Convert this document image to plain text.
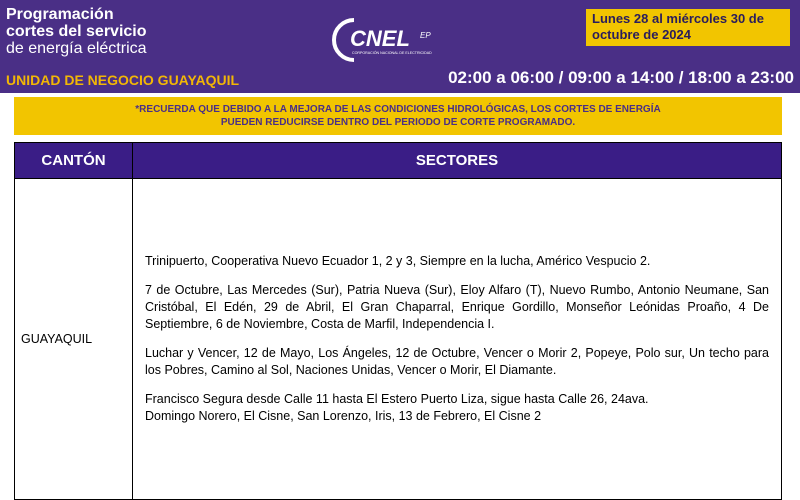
Programación
cortes del servicio
de energía eléctrica
UNIDAD DE NEGOCIO GUAYAQUIL
CNEL EP
CORPORACIÓN NACIONAL DE ELECTRICIDAD
Lunes 28 al miércoles 30 de octubre de 2024
02:00 a 06:00 / 09:00 a 14:00 / 18:00 a 23:00
*RECUERDA QUE DEBIDO A LA MEJORA DE LAS CONDICIONES HIDROLÓGICAS, LOS CORTES DE ENERGÍA
PUEDEN REDUCIRSE DENTRO DEL PERIODO DE CORTE PROGRAMADO.
CANTÓN	SECTORES
GUAYAQUIL	Trinipuerto, Cooperativa Nuevo Ecuador 1, 2 y 3, Siempre en la lucha, Américo Vespucio 2.

7 de Octubre, Las Mercedes (Sur), Patria Nueva (Sur), Eloy Alfaro (T), Nuevo Rumbo, Antonio Neumane, San Cristóbal, El Edén, 29 de Abril, El Gran Chaparral, Enrique Gordillo, Monseñor Leónidas Proaño, 4 De Septiembre, 6 de Noviembre, Costa de Marfil, Independencia I.

Luchar y Vencer, 12 de Mayo, Los Ángeles, 12 de Octubre, Vencer o Morir 2, Popeye, Polo sur, Un techo para los Pobres, Camino al Sol, Naciones Unidas, Vencer o Morir, El Diamante.

Francisco Segura desde Calle 11 hasta El Estero Puerto Liza, sigue hasta Calle 26, 24ava.

Domingo Norero, El Cisne, San Lorenzo, Iris, 13 de Febrero, El Cisne 2
